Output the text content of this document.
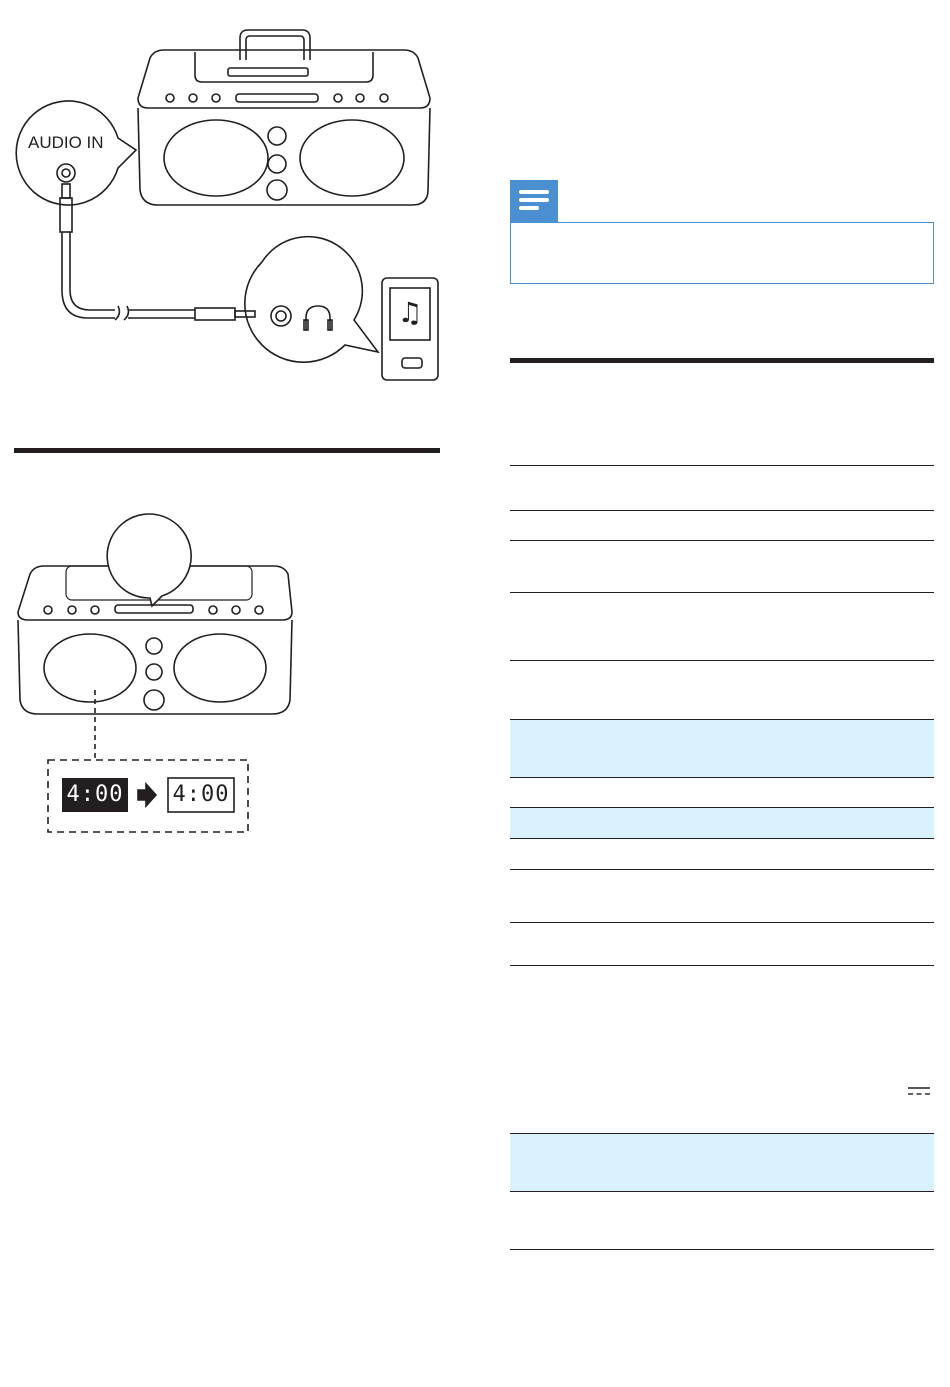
♫
AUDIO IN
4:00 4:00
